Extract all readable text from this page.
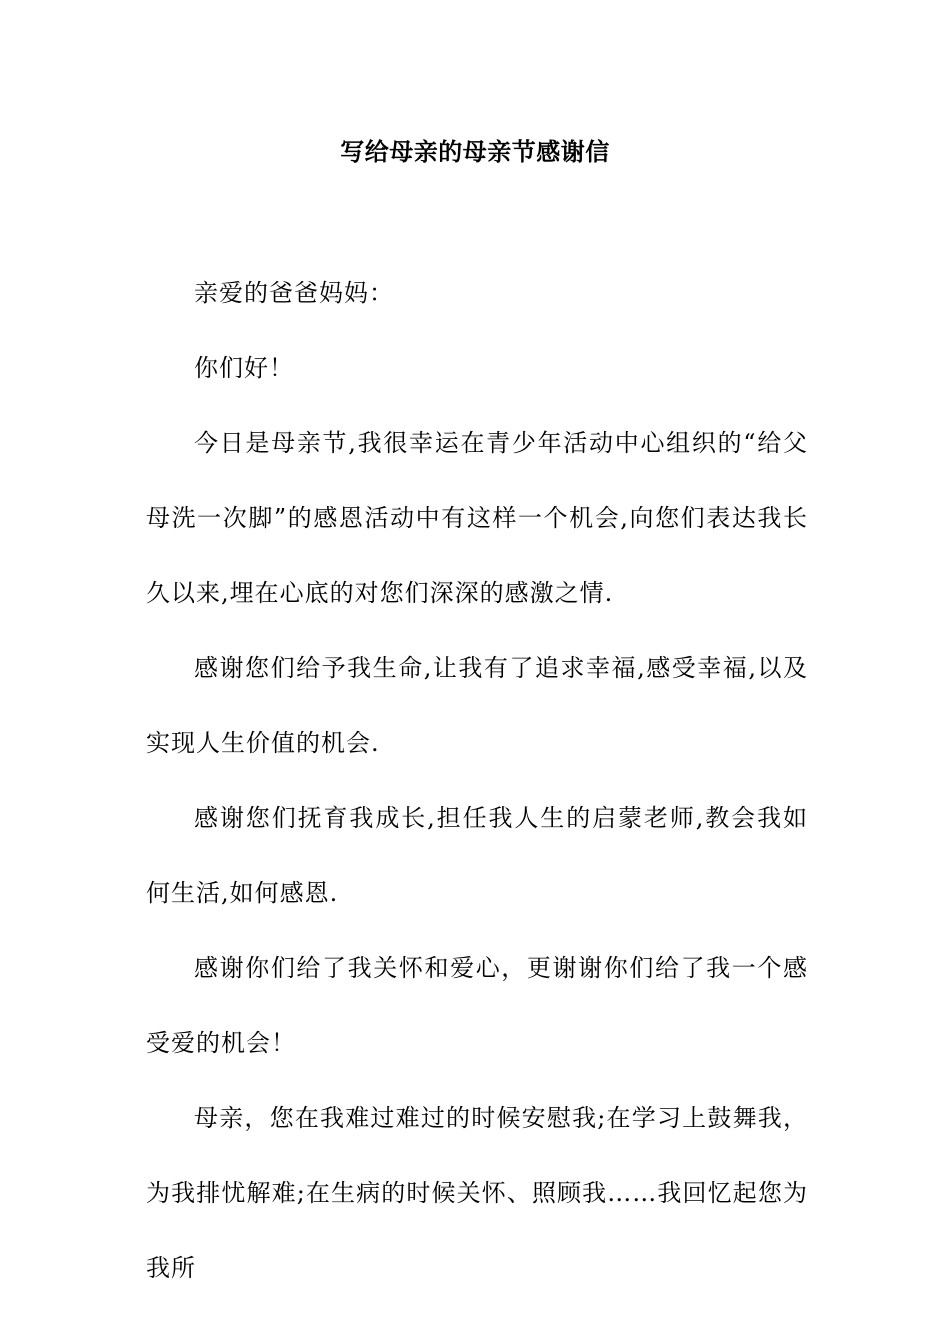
写给母亲的母亲节感谢信

亲爱的爸爸妈妈：

你们好！

今日是母亲节,我很幸运在青少年活动中心组织的“给父母洗一次脚”的感恩活动中有这样一个机会,向您们表达我长久以来,埋在心底的对您们深深的感激之情.

感谢您们给予我生命,让我有了追求幸福,感受幸福,以及实现人生价值的机会.

感谢您们抚育我成长,担任我人生的启蒙老师,教会我如何生活,如何感恩.

感谢你们给了我关怀和爱心，更谢谢你们给了我一个感受爱的机会！

母亲，您在我难过难过的时候安慰我;在学习上鼓舞我，为我排忧解难;在生病的时候关怀、照顾我……我回忆起您为我所
